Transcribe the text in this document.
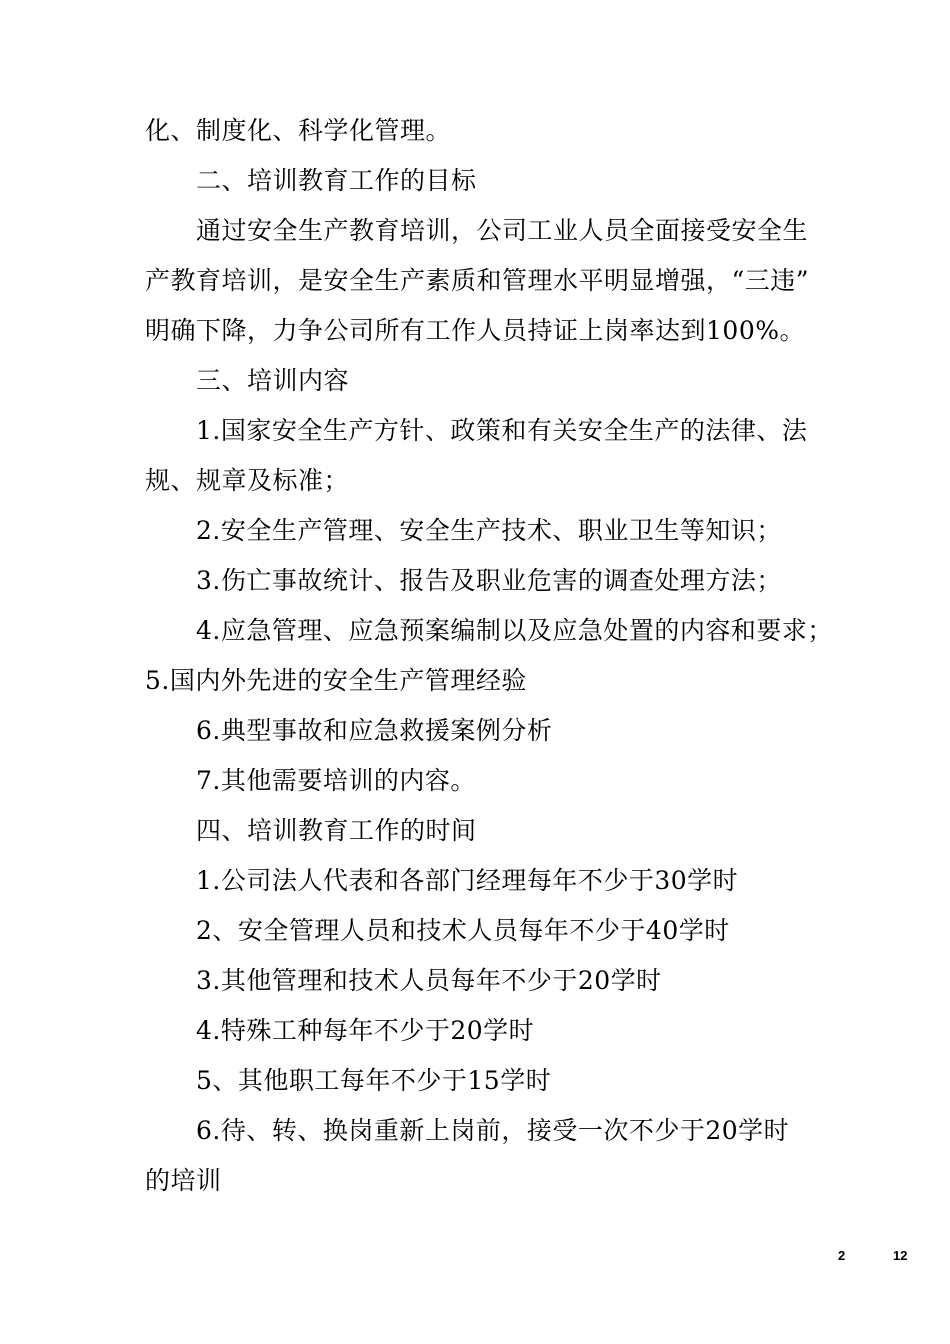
化、制度化、科学化管理。
二、培训教育工作的目标
通过安全生产教育培训，公司工业人员全面接受安全生
产教育培训，是安全生产素质和管理水平明显增强，“三违”
明确下降，力争公司所有工作人员持证上岗率达到100%。
三、培训内容
1.国家安全生产方针、政策和有关安全生产的法律、法
规、规章及标准；
2.安全生产管理、安全生产技术、职业卫生等知识；
3.伤亡事故统计、报告及职业危害的调查处理方法；
4.应急管理、应急预案编制以及应急处置的内容和要求；
5.国内外先进的安全生产管理经验
6.典型事故和应急救援案例分析
7.其他需要培训的内容。
四、培训教育工作的时间
1.公司法人代表和各部门经理每年不少于30学时
2、安全管理人员和技术人员每年不少于40学时
3.其他管理和技术人员每年不少于20学时
4.特殊工种每年不少于20学时
5、其他职工每年不少于15学时
6.待、转、换岗重新上岗前，接受一次不少于20学时
的培训
2	12
